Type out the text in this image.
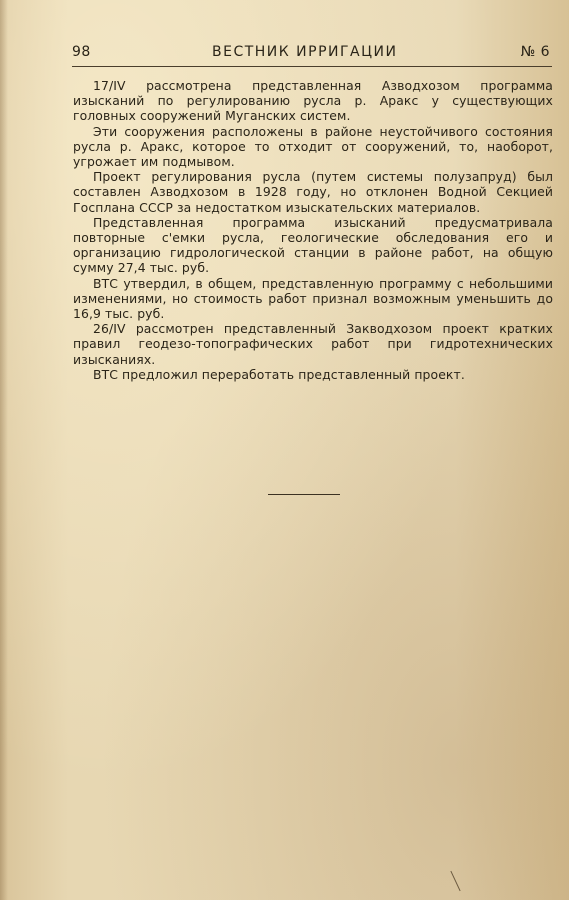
98	ВЕСТНИК ИРРИГАЦИИ	№ 6

17/IV рассмотрена представленная Азводхозом программа изысканий по регулированию русла р. Аракс у существующих головных сооружений Муганских систем.

Эти сооружения расположены в районе неустойчивого состояния русла р. Аракс, которое то отходит от сооружений, то, наоборот, угрожает им подмывом.

Проект регулирования русла (путем системы полузапруд) был составлен Азводхозом в 1928 году, но отклонен Водной Секцией Госплана СССР за недостатком изыскательских материалов.

Представленная программа изысканий предусматривала повторные с'емки русла, геологические обследования его и организацию гидрологической станции в районе работ, на общую сумму 27,4 тыс. руб.

ВТС утвердил, в общем, представленную программу с небольшими изменениями, но стоимость работ признал возможным уменьшить до 16,9 тыс. руб.

26/IV рассмотрен представленный Закводхозом проект кратких правил геодезо-топографических работ при гидротехнических изысканиях.

ВТС предложил переработать представленный проект.
